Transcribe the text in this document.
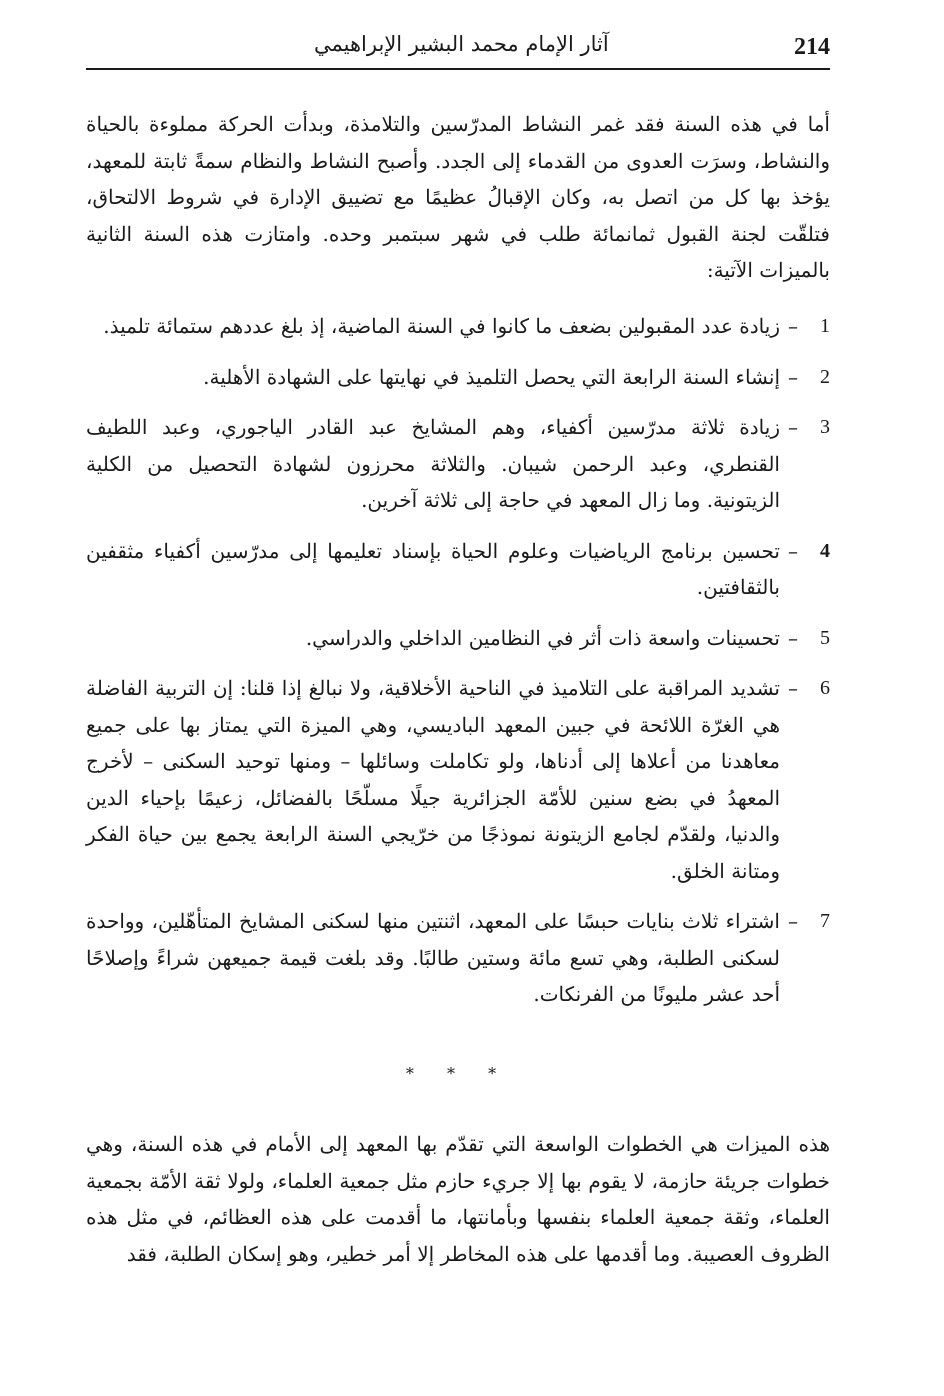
214
آثار الإمام محمد البشير الإبراهيمي

أما في هذه السنة فقد غمر النشاط المدرّسين والتلامذة، وبدأت الحركة مملوءة بالحياة والنشاط، وسرَت العدوى من القدماء إلى الجدد. وأصبح النشاط والنظام سمةً ثابتة للمعهد، يؤخذ بها كل من اتصل به، وكان الإقبالُ عظيمًا مع تضييق الإدارة في شروط الالتحاق، فتلقّت لجنة القبول ثمانمائة طلب في شهر سبتمبر وحده. وامتازت هذه السنة الثانية بالميزات الآتية:

1
–
زيادة عدد المقبولين بضعف ما كانوا في السنة الماضية، إذ بلغ عددهم ستمائة تلميذ.
2
–
إنشاء السنة الرابعة التي يحصل التلميذ في نهايتها على الشهادة الأهلية.
3
–
زيادة ثلاثة مدرّسين أكفياء، وهم المشايخ عبد القادر الياجوري، وعبد اللطيف القنطري، وعبد الرحمن شيبان. والثلاثة محرزون لشهادة التحصيل من الكلية الزيتونية. وما زال المعهد في حاجة إلى ثلاثة آخرين.
4
–
تحسين برنامج الرياضيات وعلوم الحياة بإسناد تعليمها إلى مدرّسين أكفياء مثقفين بالثقافتين.
5
–
تحسينات واسعة ذات أثر في النظامين الداخلي والدراسي.
6
–
تشديد المراقبة على التلاميذ في الناحية الأخلاقية، ولا نبالغ إذا قلنا: إن التربية الفاضلة هي الغرّة اللائحة في جبين المعهد الباديسي، وهي الميزة التي يمتاز بها على جميع معاهدنا من أعلاها إلى أدناها، ولو تكاملت وسائلها – ومنها توحيد السكنى – لأخرج المعهدُ في بضع سنين للأمّة الجزائرية جيلًا مسلّحًا بالفضائل، زعيمًا بإحياء الدين والدنيا، ولقدّم لجامع الزيتونة نموذجًا من خرّيجي السنة الرابعة يجمع بين حياة الفكر ومتانة الخلق.
7
–
اشتراء ثلاث بنايات حبسًا على المعهد، اثنتين منها لسكنى المشايخ المتأهّلين، وواحدة لسكنى الطلبة، وهي تسع مائة وستين طالبًا. وقد بلغت قيمة جميعهن شراءً وإصلاحًا أحد عشر مليونًا من الفرنكات.
* * *

هذه الميزات هي الخطوات الواسعة التي تقدّم بها المعهد إلى الأمام في هذه السنة، وهي خطوات جريئة حازمة، لا يقوم بها إلا جريء حازم مثل جمعية العلماء، ولولا ثقة الأمّة بجمعية العلماء، وثقة جمعية العلماء بنفسها وبأمانتها، ما أقدمت على هذه العظائم، في مثل هذه الظروف العصيبة. وما أقدمها على هذه المخاطر إلا أمر خطير، وهو إسكان الطلبة، فقد
